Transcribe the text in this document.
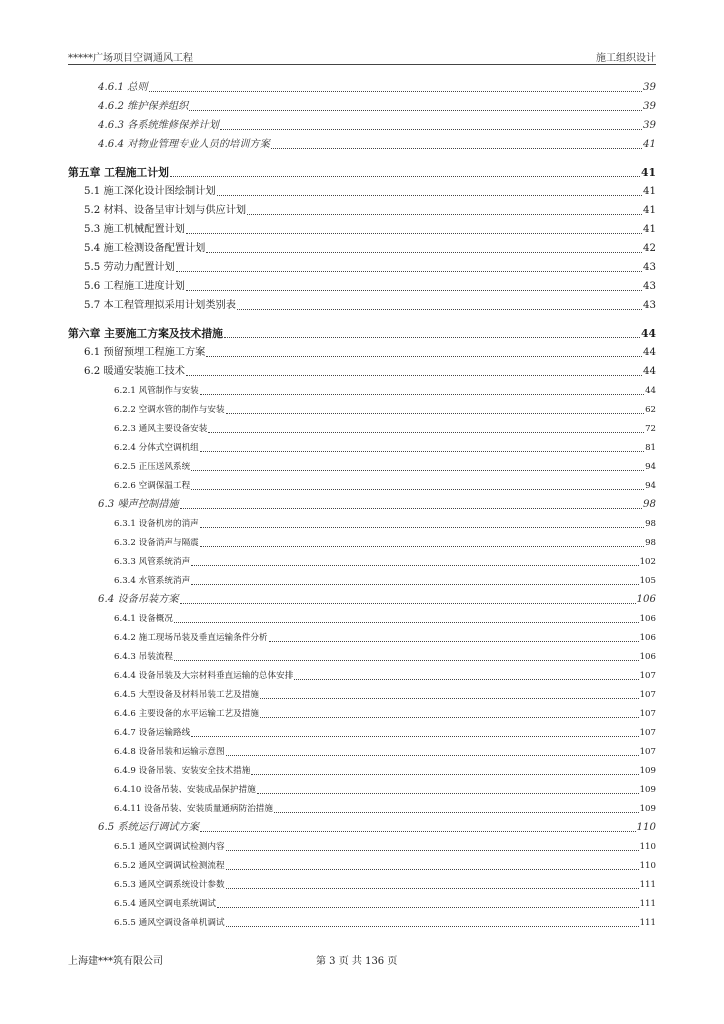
*****广场项目空调通风工程	施工组织设计
4.6.1 总则	39
4.6.2 维护保养组织	39
4.6.3 各系统维修保养计划	39
4.6.4 对物业管理专业人员的培训方案	41
第五章 工程施工计划	41
5.1 施工深化设计图绘制计划	41
5.2 材料、设备呈审计划与供应计划	41
5.3 施工机械配置计划	41
5.4 施工检测设备配置计划	42
5.5 劳动力配置计划	43
5.6 工程施工进度计划	43
5.7 本工程管理拟采用计划类别表	43
第六章 主要施工方案及技术措施	44
6.1 预留预埋工程施工方案	44
6.2 暖通安装施工技术	44
6.2.1 风管制作与安装	44
6.2.2 空调水管的制作与安装	62
6.2.3 通风主要设备安装	72
6.2.4 分体式空调机组	81
6.2.5 正压送风系统	94
6.2.6 空调保温工程	94
6.3 噪声控制措施	98
6.3.1 设备机房的消声	98
6.3.2 设备消声与隔震	98
6.3.3 风管系统消声	102
6.3.4 水管系统消声	105
6.4 设备吊装方案	106
6.4.1 设备概况	106
6.4.2 施工现场吊装及垂直运输条件分析	106
6.4.3 吊装流程	106
6.4.4 设备吊装及大宗材料垂直运输的总体安排	107
6.4.5 大型设备及材料吊装工艺及措施	107
6.4.6 主要设备的水平运输工艺及措施	107
6.4.7 设备运输路线	107
6.4.8 设备吊装和运输示意图	107
6.4.9 设备吊装、安装安全技术措施	109
6.4.10 设备吊装、安装成品保护措施	109
6.4.11 设备吊装、安装质量通病防治措施	109
6.5 系统运行调试方案	110
6.5.1 通风空调调试检测内容	110
6.5.2 通风空调调试检测流程	110
6.5.3 通风空调系统设计参数	111
6.5.4 通风空调电系统调试	111
6.5.5 通风空调设备单机调试	111
上海建***筑有限公司	第 3 页 共 136 页
